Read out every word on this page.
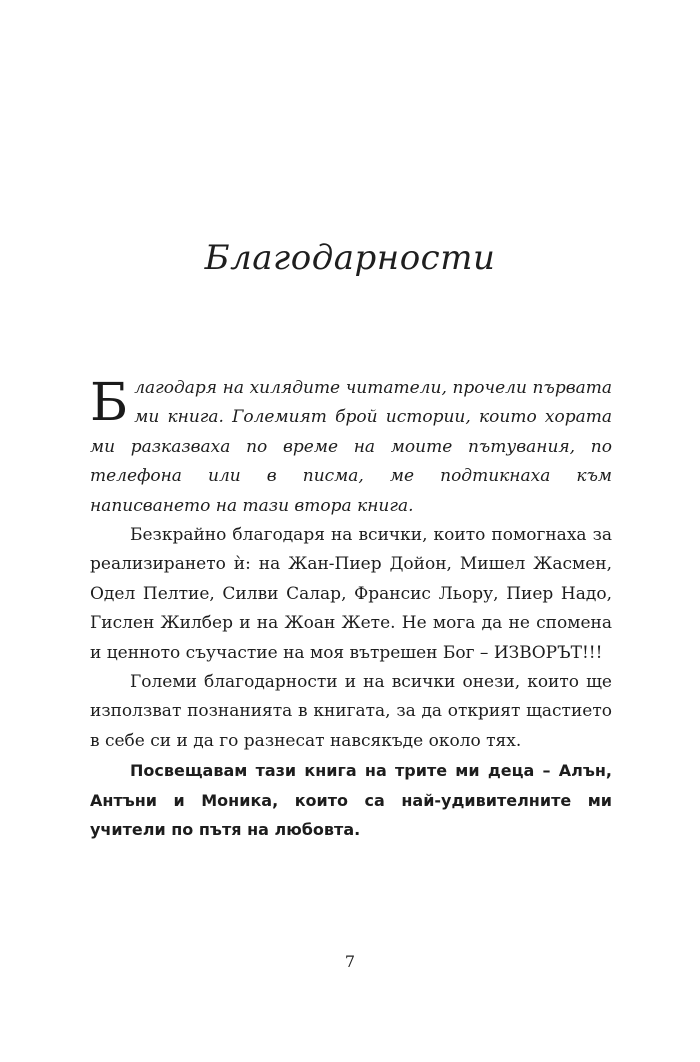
Благодарности

Благодаря на хилядите читатели, прочели първата ми книга. Големият брой истории, които хората ми разказваха по време на моите пътувания, по телефона или в писма, ме подтикнаха към написването на тази втора книга.

Безкрайно благодаря на всички, които помогнаха за реализирането ѝ: на Жан-Пиер Дойон, Мишел Жасмен, Одел Пелтие, Силви Салар, Франсис Льору, Пиер Надо, Гислен Жилбер и на Жоан Жете. Не мога да не спомена и ценното съучастие на моя вътрешен Бог – ИЗВОРЪТ!!!

Големи благодарности и на всички онези, които ще използват познанията в книгата, за да открият щастието в себе си и да го разнесат навсякъде около тях.

Посвещавам тази книга на трите ми деца – Алън, Антъни и Моника, които са най-удивителните ми учители по пътя на любовта.

7
